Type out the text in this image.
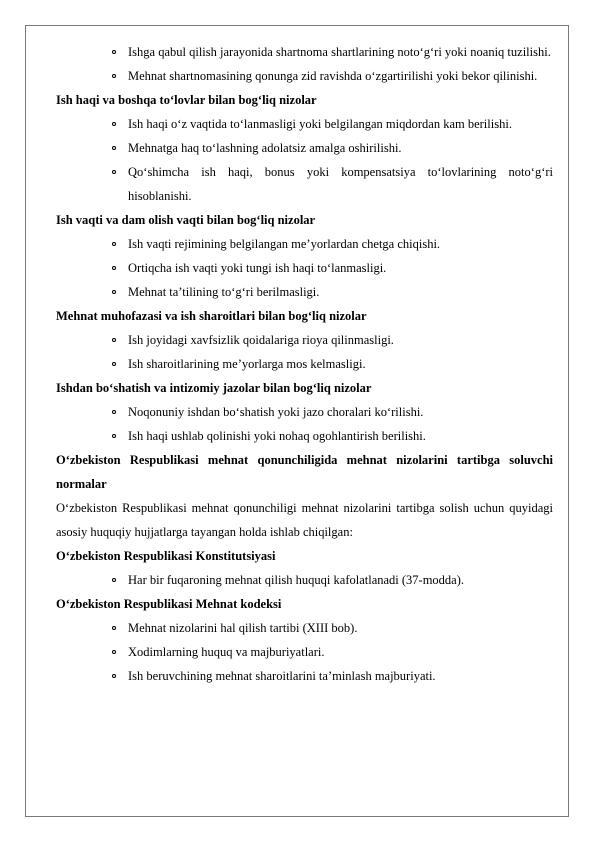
Ishga qabul qilish jarayonida shartnoma shartlarining noto‘g‘ri yoki noaniq tuzilishi.
Mehnat shartnomasining qonunga zid ravishda o‘zgartirilishi yoki bekor qilinishi.
Ish haqi va boshqa to‘lovlar bilan bog‘liq nizolar
Ish haqi o‘z vaqtida to‘lanmasligi yoki belgilangan miqdordan kam berilishi.
Mehnatga haq to‘lashning adolatsiz amalga oshirilishi.
Qo‘shimcha ish haqi, bonus yoki kompensatsiya to‘lovlarining noto‘g‘ri hisoblanishi.
Ish vaqti va dam olish vaqti bilan bog‘liq nizolar
Ish vaqti rejimining belgilangan me’yorlardan chetga chiqishi.
Ortiqcha ish vaqti yoki tungi ish haqi to‘lanmasligi.
Mehnat ta’tilining to‘g‘ri berilmasligi.
Mehnat muhofazasi va ish sharoitlari bilan bog‘liq nizolar
Ish joyidagi xavfsizlik qoidalariga rioya qilinmasligi.
Ish sharoitlarining me’yorlarga mos kelmasligi.
Ishdan bo‘shatish va intizomiy jazolar bilan bog‘liq nizolar
Noqonuniy ishdan bo‘shatish yoki jazo choralari ko‘rilishi.
Ish haqi ushlab qolinishi yoki nohaq ogohlantirish berilishi.
O‘zbekiston Respublikasi mehnat qonunchiligida mehnat nizolarini tartibga soluvchi normalar
O‘zbekiston Respublikasi mehnat qonunchiligi mehnat nizolarini tartibga solish uchun quyidagi asosiy huquqiy hujjatlarga tayangan holda ishlab chiqilgan:
O‘zbekiston Respublikasi Konstitutsiyasi
Har bir fuqaroning mehnat qilish huquqi kafolatlanadi (37-modda).
O‘zbekiston Respublikasi Mehnat kodeksi
Mehnat nizolarini hal qilish tartibi (XIII bob).
Xodimlarning huquq va majburiyatlari.
Ish beruvchining mehnat sharoitlarini ta’minlash majburiyati.
